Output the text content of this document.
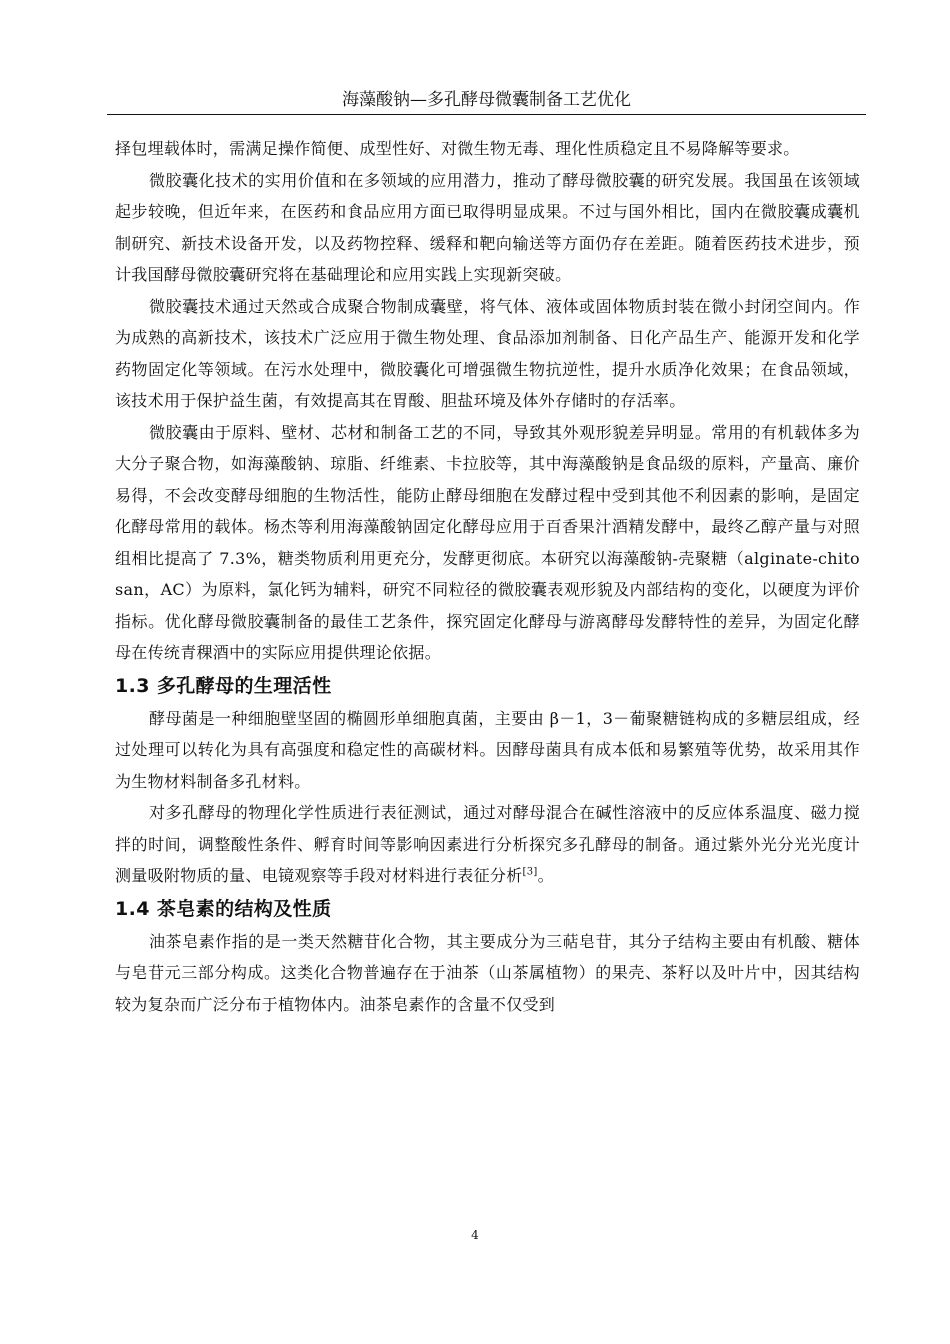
海藻酸钠—多孔酵母微囊制备工艺优化

择包埋载体时，需满足操作简便、成型性好、对微生物无毒、理化性质稳定且不易降解等要求。

微胶囊化技术的实用价值和在多领域的应用潜力，推动了酵母微胶囊的研究发展。我国虽在该领域起步较晚，但近年来，在医药和食品应用方面已取得明显成果。不过与国外相比，国内在微胶囊成囊机制研究、新技术设备开发，以及药物控释、缓释和靶向输送等方面仍存在差距。随着医药技术进步，预计我国酵母微胶囊研究将在基础理论和应用实践上实现新突破。

微胶囊技术通过天然或合成聚合物制成囊壁，将气体、液体或固体物质封装在微小封闭空间内。作为成熟的高新技术，该技术广泛应用于微生物处理、食品添加剂制备、日化产品生产、能源开发和化学药物固定化等领域。在污水处理中，微胶囊化可增强微生物抗逆性，提升水质净化效果；在食品领域，该技术用于保护益生菌，有效提高其在胃酸、胆盐环境及体外存储时的存活率。

微胶囊由于原料、壁材、芯材和制备工艺的不同，导致其外观形貌差异明显。常用的有机载体多为大分子聚合物，如海藻酸钠、琼脂、纤维素、卡拉胶等，其中海藻酸钠是食品级的原料，产量高、廉价易得，不会改变酵母细胞的生物活性，能防止酵母细胞在发酵过程中受到其他不利因素的影响，是固定化酵母常用的载体。杨杰等利用海藻酸钠固定化酵母应用于百香果汁酒精发酵中，最终乙醇产量与对照组相比提高了 7.3%，糖类物质利用更充分，发酵更彻底。本研究以海藻酸钠-壳聚糖（alginate-chitosan，AC）为原料，氯化钙为辅料，研究不同粒径的微胶囊表观形貌及内部结构的变化，以硬度为评价指标。优化酵母微胶囊制备的最佳工艺条件，探究固定化酵母与游离酵母发酵特性的差异，为固定化酵母在传统青稞酒中的实际应用提供理论依据。

1.3 多孔酵母的生理活性

酵母菌是一种细胞壁坚固的椭圆形单细胞真菌，主要由 β－1，3－葡聚糖链构成的多糖层组成，经过处理可以转化为具有高强度和稳定性的高碳材料。因酵母菌具有成本低和易繁殖等优势，故采用其作为生物材料制备多孔材料。

对多孔酵母的物理化学性质进行表征测试，通过对酵母混合在碱性溶液中的反应体系温度、磁力搅拌的时间，调整酸性条件、孵育时间等影响因素进行分析探究多孔酵母的制备。通过紫外光分光光度计测量吸附物质的量、电镜观察等手段对材料进行表征分析[3]。

1.4 茶皂素的结构及性质

油茶皂素作指的是一类天然糖苷化合物，其主要成分为三萜皂苷，其分子结构主要由有机酸、糖体与皂苷元三部分构成。这类化合物普遍存在于油茶（山茶属植物）的果壳、茶籽以及叶片中，因其结构较为复杂而广泛分布于植物体内。油茶皂素作的含量不仅受到

4
